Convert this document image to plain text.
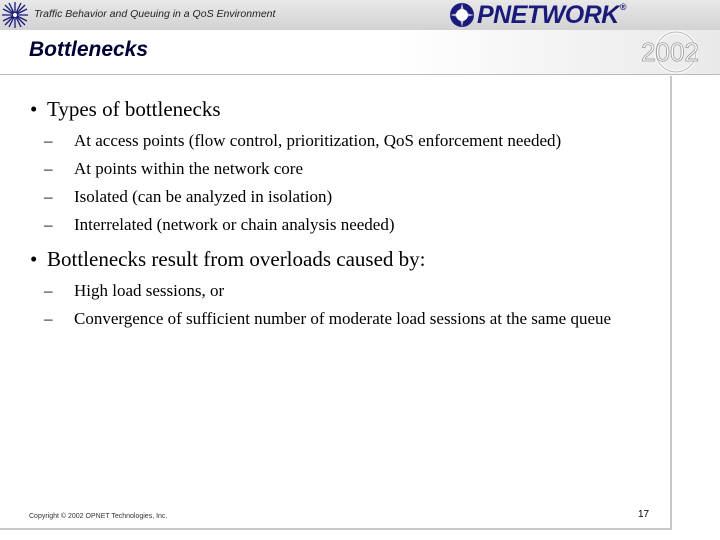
Traffic Behavior and Queuing in a QoS Environment	PNETWORK ®
2002
Bottlenecks
• Types of bottlenecks
– At access points (flow control, prioritization, QoS enforcement needed)
– At points within the network core
– Isolated (can be analyzed in isolation)
– Interrelated (network or chain analysis needed)
• Bottlenecks result from overloads caused by:
– High load sessions, or
– Convergence of sufficient number of moderate load sessions at the same queue
Copyright © 2002 OPNET Technologies, Inc.	17
